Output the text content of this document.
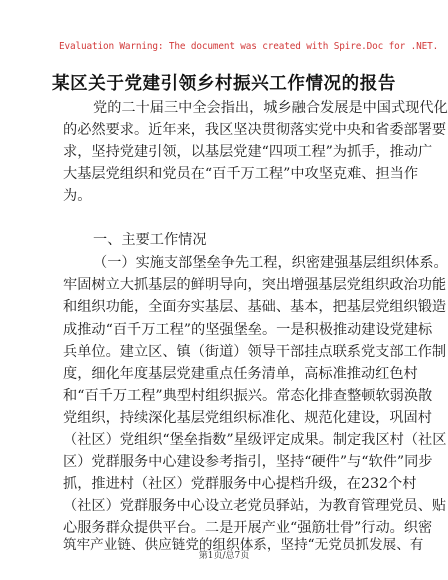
Evaluation Warning: The document was created with Spire.Doc for .NET.
某区关于党建引领乡村振兴工作情况的报告
党的二十届三中全会指出，城乡融合发展是中国式现代化
的必然要求。近年来，我区坚决贯彻落实党中央和省委部署要
求，坚持党建引领，以基层党建“四项工程”为抓手，推动广
大基层党组织和党员在“百千万工程”中攻坚克难、担当作
为。
一、主要工作情况
（一）实施支部堡垒争先工程，织密建强基层组织体系。
牢固树立大抓基层的鲜明导向，突出增强基层党组织政治功能
和组织功能，全面夯实基层、基础、基本，把基层党组织锻造
成推动“百千万工程”的坚强堡垒。一是积极推动建设党建标
兵单位。建立区、镇（街道）领导干部挂点联系党支部工作制
度，细化年度基层党建重点任务清单，高标准推动红色村
和“百千万工程”典型村组织振兴。常态化排查整顿软弱涣散
党组织，持续深化基层党组织标准化、规范化建设，巩固村
（社区）党组织“堡垒指数”星级评定成果。制定我区村（社区
区）党群服务中心建设参考指引，坚持“硬件”与“软件”同步
抓，推进村（社区）党群服务中心提档升级，在232个村
（社区）党群服务中心设立老党员驿站，为教育管理党员、贴
心服务群众提供平台。二是开展产业“强筋壮骨”行动。织密
筑牢产业链、供应链党的组织体系，坚持“无党员抓发展、有
第1页/总7页
